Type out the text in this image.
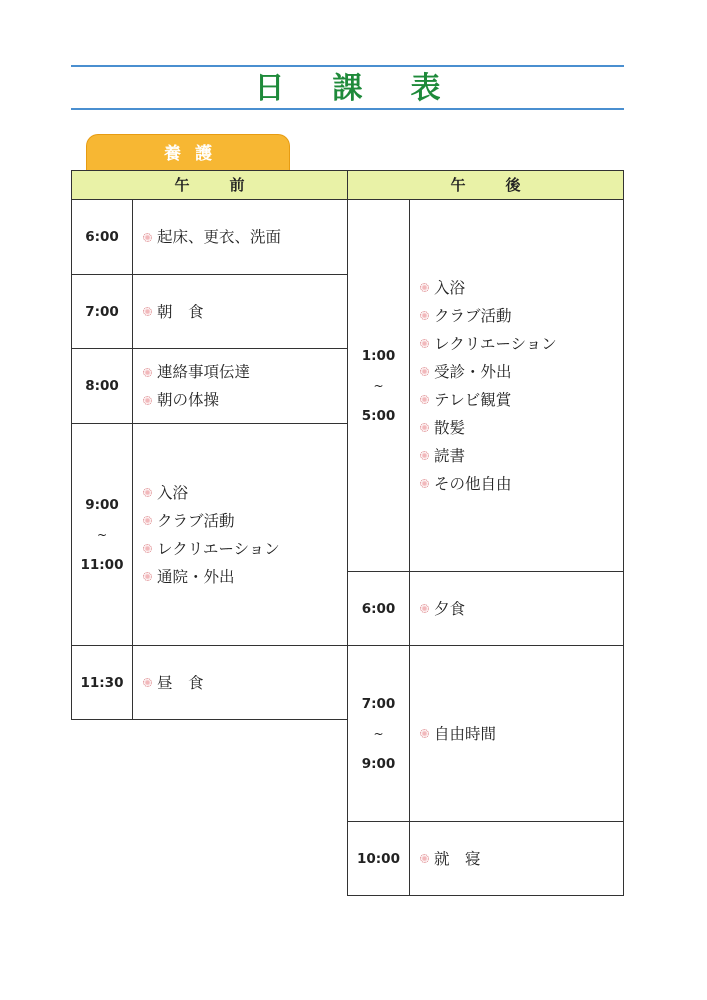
日課表
養護
午前	午後
6:00 起床、更衣、洗面
7:00 朝　食
8:00
連絡事項伝達
朝の体操
9:00
~
11:00
入浴
クラブ活動
レクリエーション
通院・外出
11:30 昼　食
1:00
~
5:00
入浴
クラブ活動
レクリエーション
受診・外出
テレビ観賞
散髪
読書
その他自由
6:00 夕食
7:00
~
9:00
自由時間
10:00 就　寝
